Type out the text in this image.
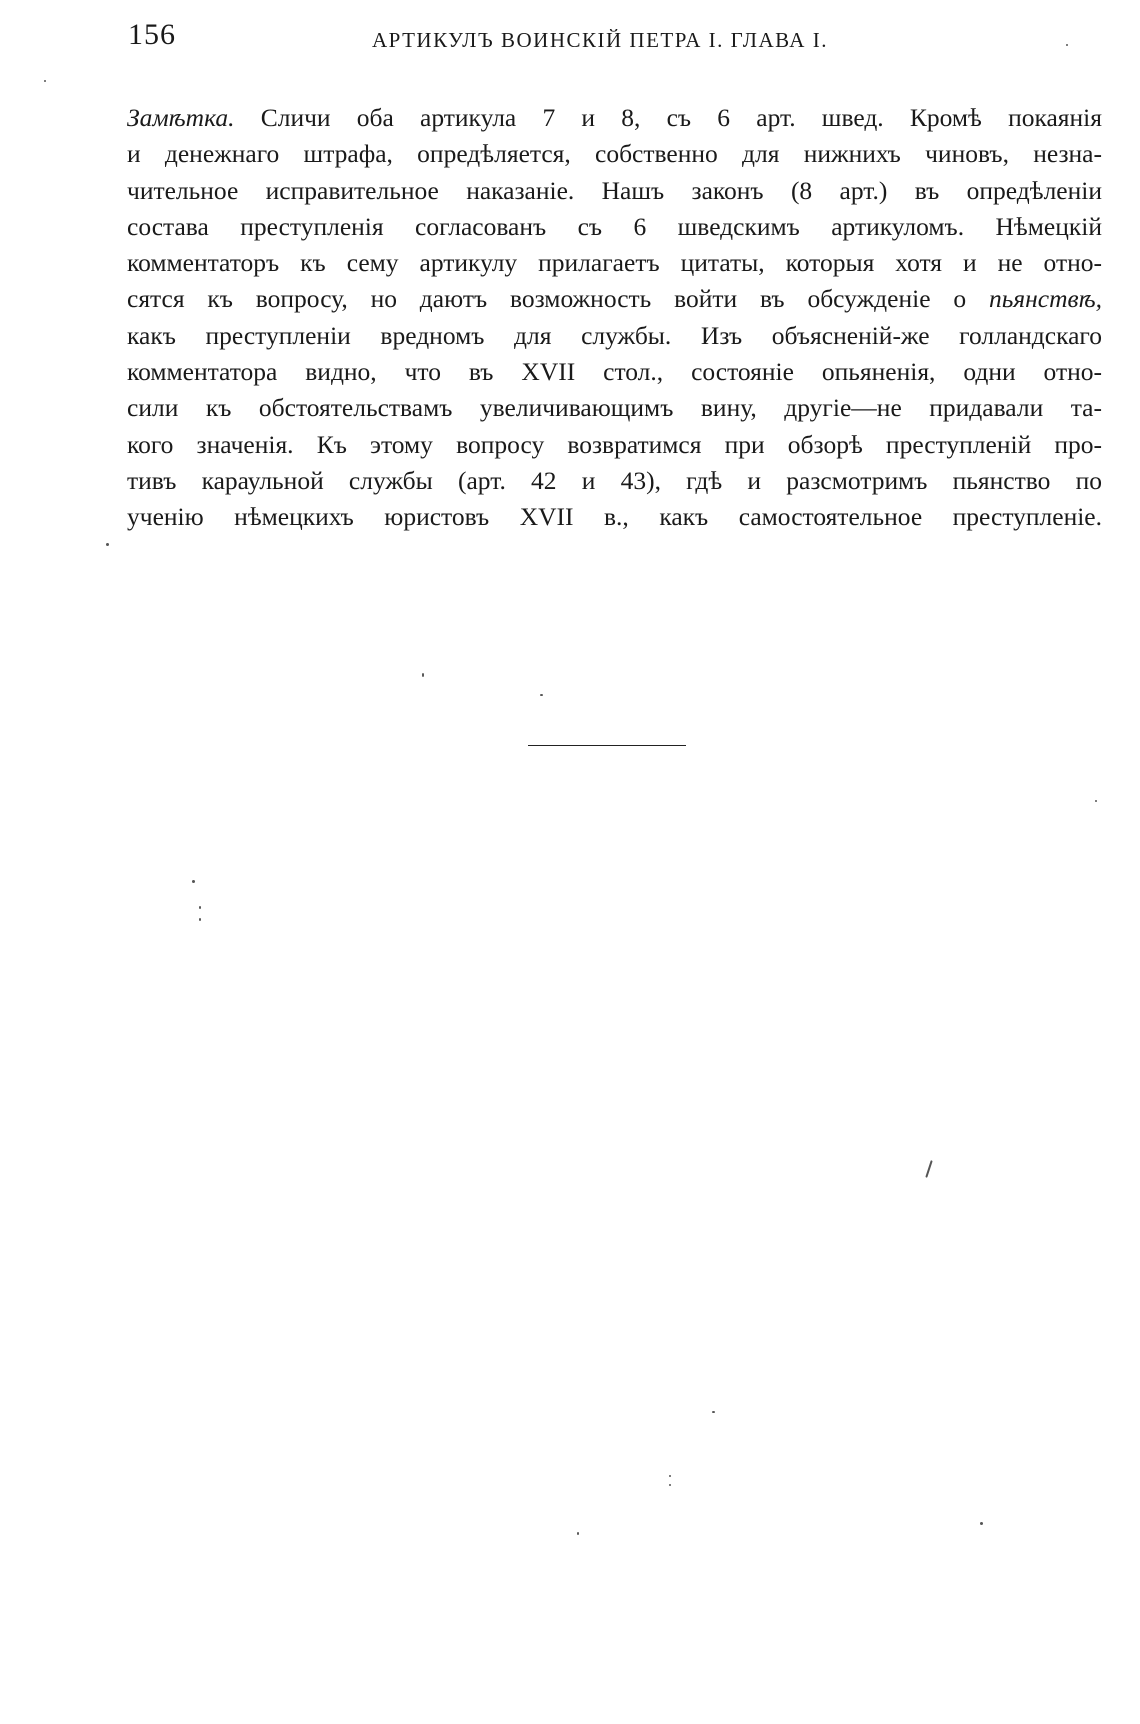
156	АРТИКУЛЪ ВОИНСКІЙ ПЕТРА I. ГЛАВА I.
Замѣтка. Сличи оба артикула 7 и 8, съ 6 арт. швед. Кромѣ покаянія
и денежнаго штрафа, опредѣляется, собственно для нижнихъ чиновъ, незна-
чительное исправительное наказаніе. Нашъ законъ (8 арт.) въ опредѣленіи
состава преступленія согласованъ съ 6 шведскимъ артикуломъ. Нѣмецкій
комментаторъ къ сему артикулу прилагаетъ цитаты, которыя хотя и не отно-
сятся къ вопросу, но даютъ возможность войти въ обсужденіе о пьянствѣ,
какъ преступленіи вредномъ для службы. Изъ объясненій-же голландскаго
комментатора видно, что въ XVII стол., состояніе опьяненія, одни отно-
сили къ обстоятельствамъ увеличивающимъ вину, другіе—не придавали та-
кого значенія. Къ этому вопросу возвратимся при обзорѣ преступленій про-
тивъ караульной службы (арт. 42 и 43), гдѣ и разсмотримъ пьянство по
ученію нѣмецкихъ юристовъ XVII в., какъ самостоятельное преступленіе.
